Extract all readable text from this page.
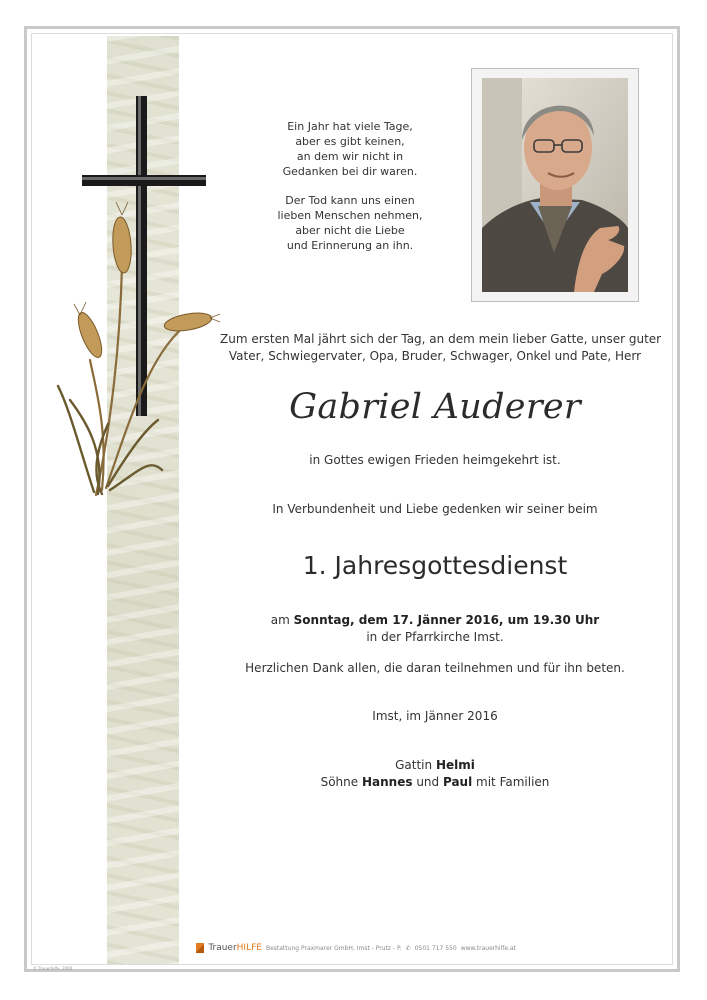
Ein Jahr hat viele Tage,
aber es gibt keinen,
an dem wir nicht in
Gedanken bei dir waren.
Der Tod kann uns einen
lieben Menschen nehmen,
aber nicht die Liebe
und Erinnerung an ihn.
Zum ersten Mal jährt sich der Tag, an dem mein lieber Gatte, unser guter
Vater, Schwiegervater, Opa, Bruder, Schwager, Onkel und Pate, Herr
Gabriel Auderer
in Gottes ewigen Frieden heimgekehrt ist.
In Verbundenheit und Liebe gedenken wir seiner beim
1. Jahresgottesdienst
am Sonntag, dem 17. Jänner 2016, um 19.30 Uhr
in der Pfarrkirche Imst.
Herzlichen Dank allen, die daran teilnehmen und für ihn beten.
Imst, im Jänner 2016
Gattin Helmi
Söhne Hannes und Paul mit Familien
TrauerHILFE Bestattung Praxmarer GmbH, Imst - Prutz - P. ✆ 0501 717 550 www.trauerhilfe.at
© Trauerhilfe, 2000
